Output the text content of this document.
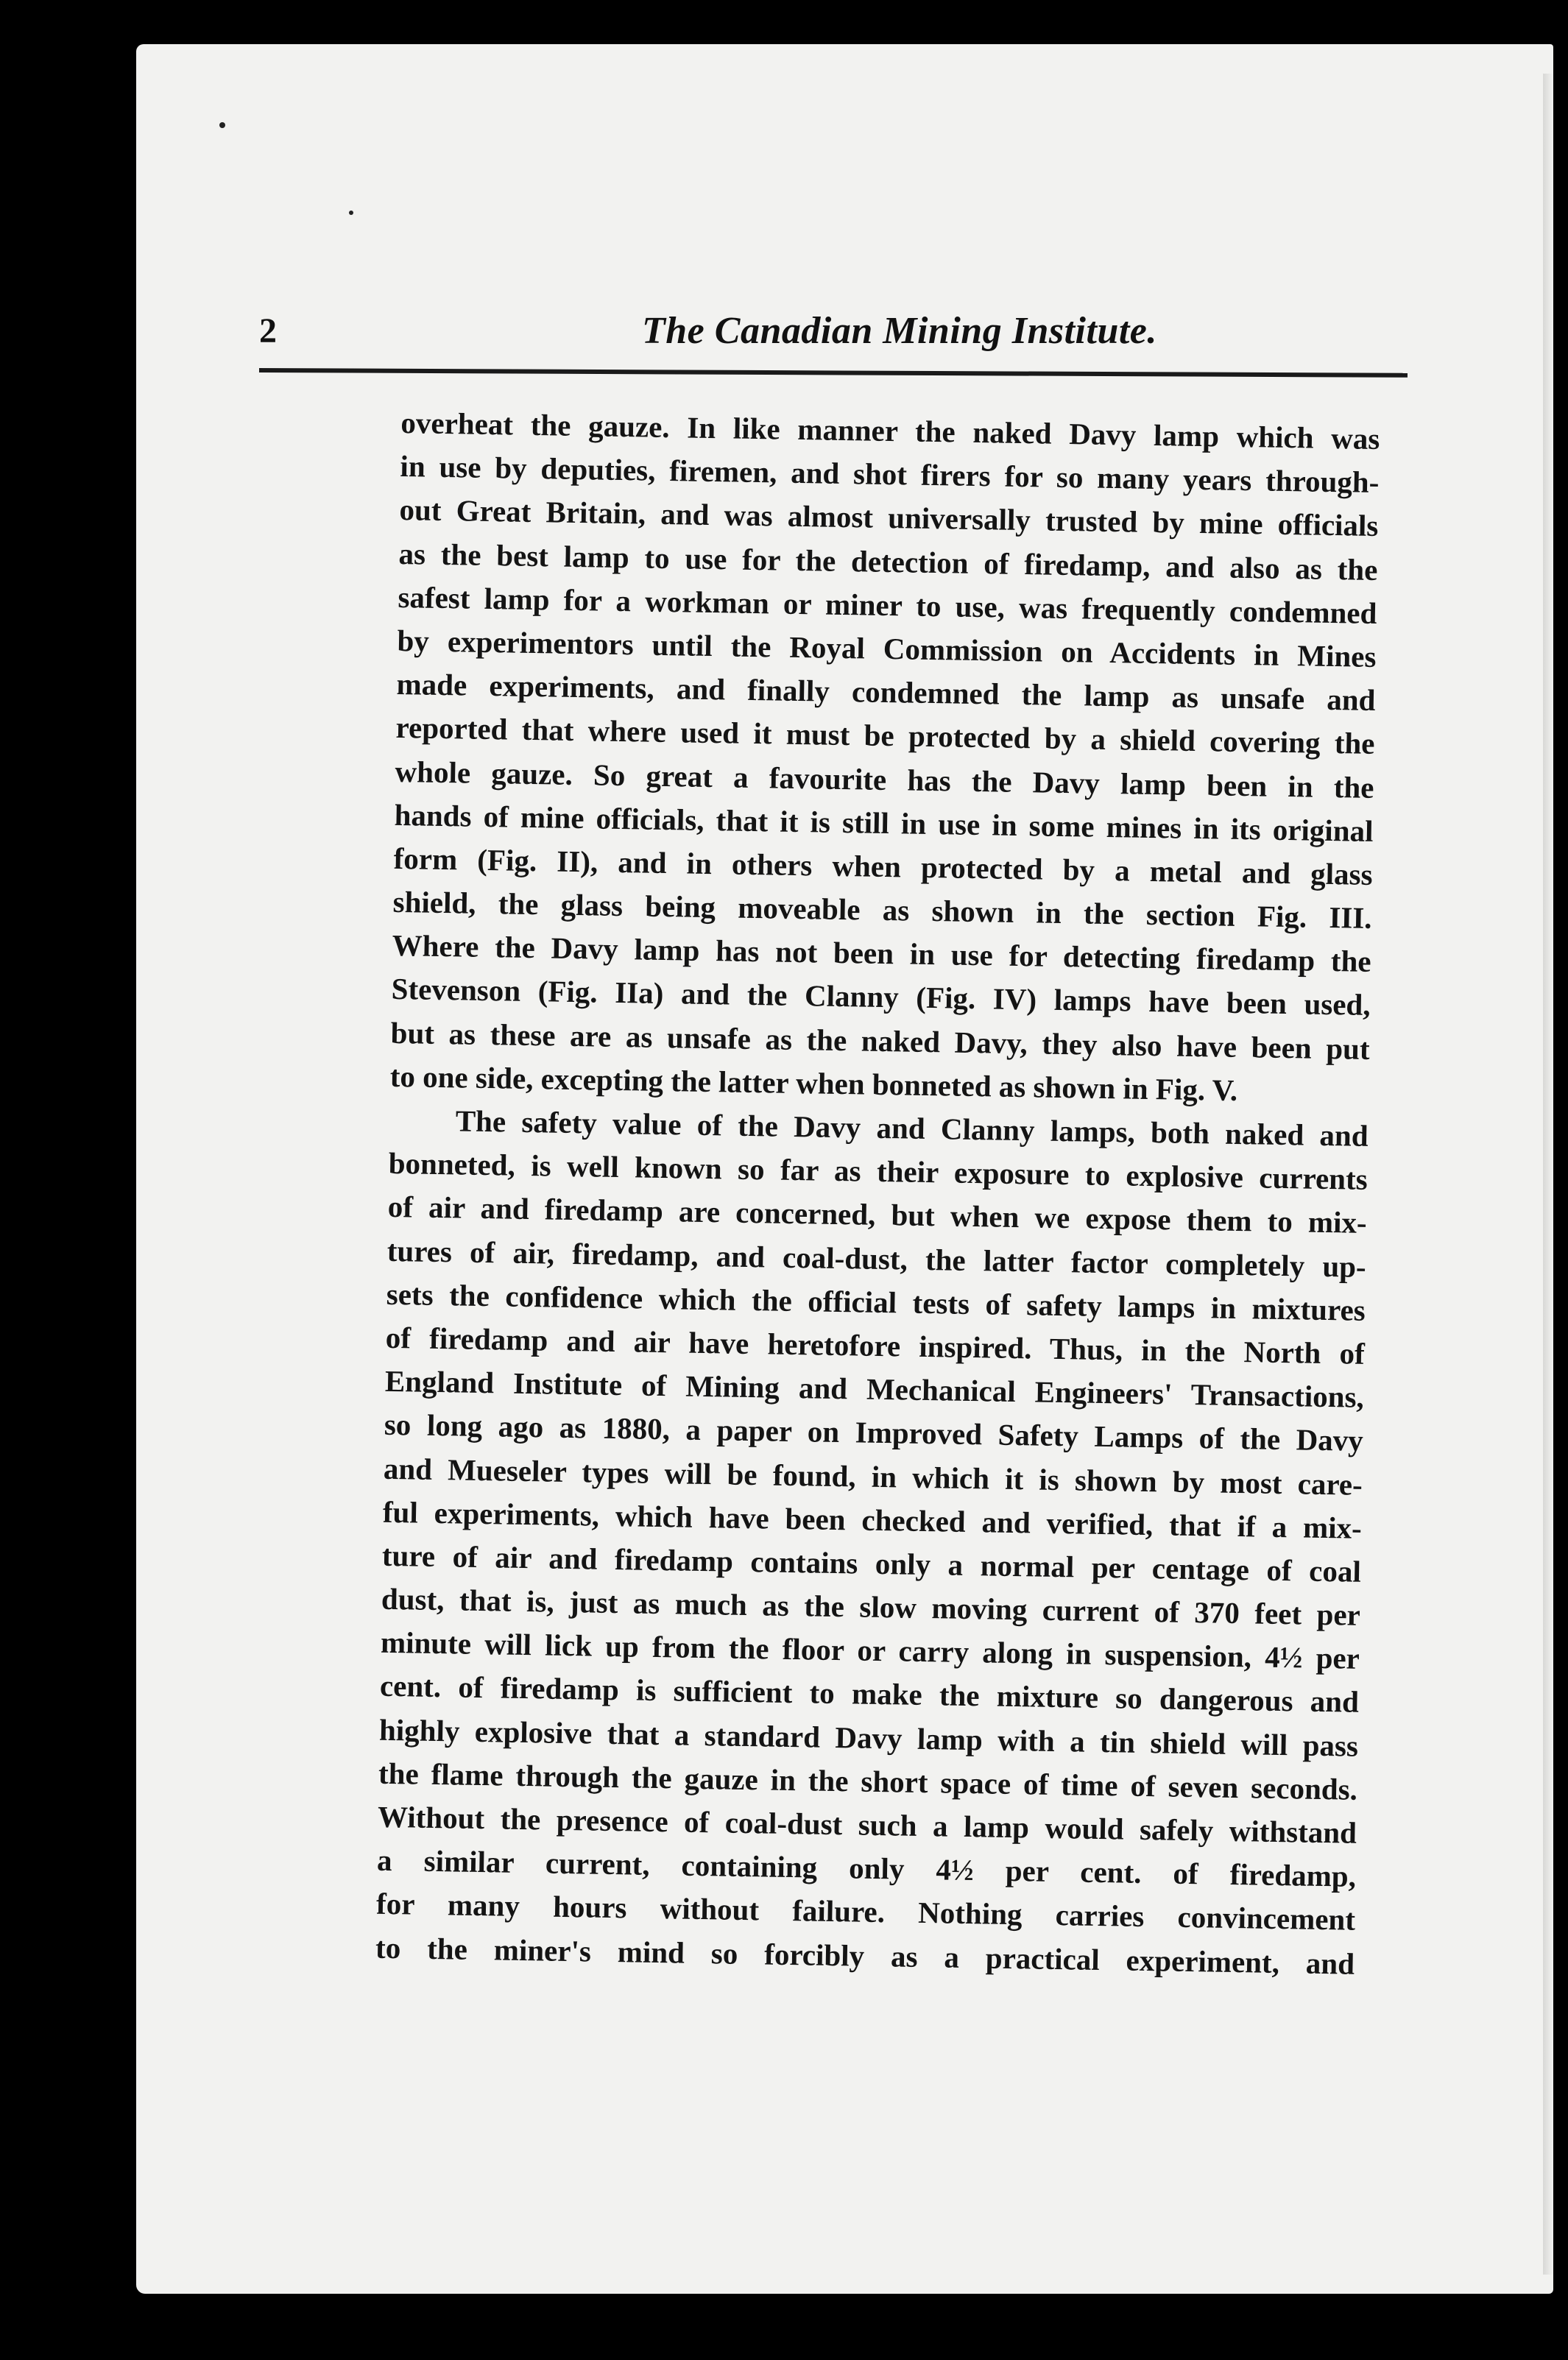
2	The Canadian Mining Institute.
overheat the gauze. In like manner the naked Davy lamp which was
in use by deputies, firemen, and shot firers for so many years through-
out Great Britain, and was almost universally trusted by mine officials
as the best lamp to use for the detection of firedamp, and also as the
safest lamp for a workman or miner to use, was frequently condemned
by experimentors until the Royal Commission on Accidents in Mines
made experiments, and finally condemned the lamp as unsafe and
reported that where used it must be protected by a shield covering the
whole gauze. So great a favourite has the Davy lamp been in the
hands of mine officials, that it is still in use in some mines in its original
form (Fig. II), and in others when protected by a metal and glass
shield, the glass being moveable as shown in the section Fig. III.
Where the Davy lamp has not been in use for detecting firedamp the
Stevenson (Fig. IIa) and the Clanny (Fig. IV) lamps have been used,
but as these are as unsafe as the naked Davy, they also have been put
to one side, excepting the latter when bonneted as shown in Fig. V.
The safety value of the Davy and Clanny lamps, both naked and
bonneted, is well known so far as their exposure to explosive currents
of air and firedamp are concerned, but when we expose them to mix-
tures of air, firedamp, and coal-dust, the latter factor completely up-
sets the confidence which the official tests of safety lamps in mixtures
of firedamp and air have heretofore inspired. Thus, in the North of
England Institute of Mining and Mechanical Engineers' Transactions,
so long ago as 1880, a paper on Improved Safety Lamps of the Davy
and Mueseler types will be found, in which it is shown by most care-
ful experiments, which have been checked and verified, that if a mix-
ture of air and firedamp contains only a normal per centage of coal
dust, that is, just as much as the slow moving current of 370 feet per
minute will lick up from the floor or carry along in suspension, 4½ per
cent. of firedamp is sufficient to make the mixture so dangerous and
highly explosive that a standard Davy lamp with a tin shield will pass
the flame through the gauze in the short space of time of seven seconds.
Without the presence of coal-dust such a lamp would safely withstand
a similar current, containing only 4½ per cent. of firedamp,
for many hours without failure. Nothing carries convincement
to the miner's mind so forcibly as a practical experiment, and
